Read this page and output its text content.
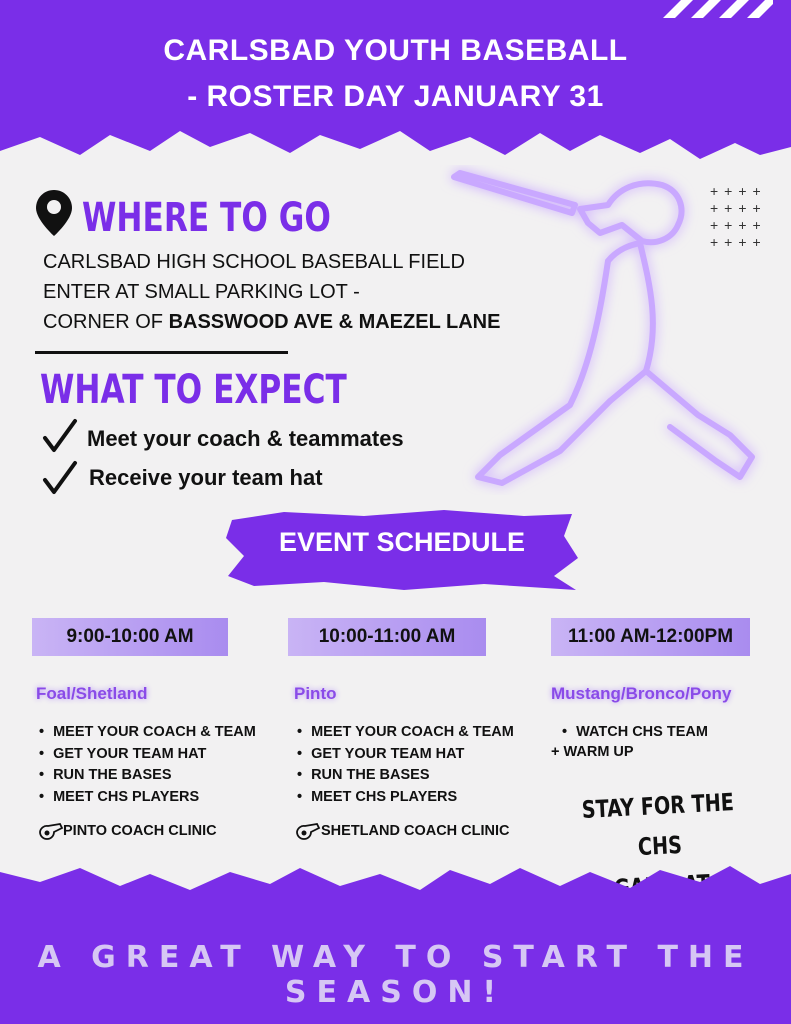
CARLSBAD YOUTH BASEBALL
- ROSTER DAY JANUARY 31
WHERE TO GO
CARLSBAD HIGH SCHOOL BASEBALL FIELD
ENTER AT SMALL PARKING LOT -
CORNER OF BASSWOOD AVE & MAEZEL LANE
WHAT TO EXPECT
Meet your coach & teammates
Receive your team hat
++++
++++
++++
++++
EVENT SCHEDULE
9:00-10:00 AM
Foal/Shetland
• MEET YOUR COACH & TEAM
• GET YOUR TEAM HAT
• RUN THE BASES
• MEET CHS PLAYERS
PINTO COACH CLINIC
10:00-11:00 AM
Pinto
• MEET YOUR COACH & TEAM
• GET YOUR TEAM HAT
• RUN THE BASES
• MEET CHS PLAYERS
SHETLAND COACH CLINIC
11:00 AM-12:00PM
Mustang/Bronco/Pony
• WATCH CHS TEAM
+ WARM UP
STAY FOR THE CHS
A GREAT WAY TO START THE SEASON!
